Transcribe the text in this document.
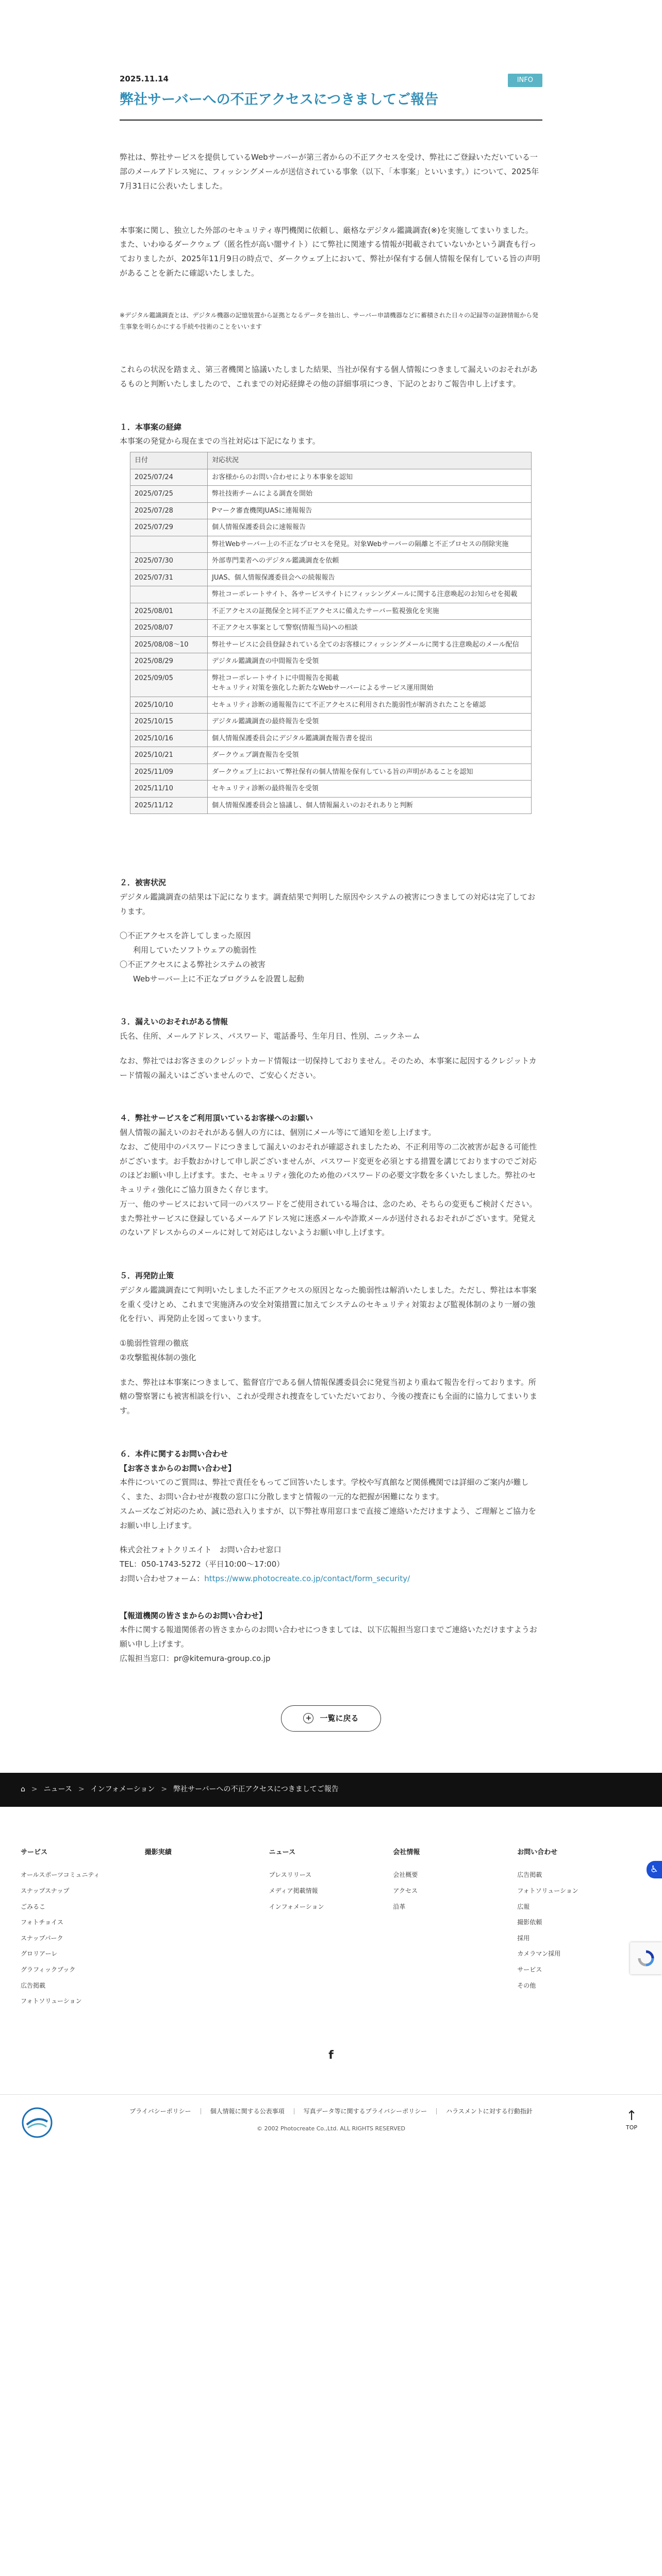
2025.11.14	INFO
弊社サーバーへの不正アクセスにつきましてご報告

弊社は、弊社サービスを提供しているWebサーバーが第三者からの不正アクセスを受け、弊社にご登録いただいている一部のメールアドレス宛に、フィッシングメールが送信されている事象（以下、「本事案」といいます。）について、2025年7月31日に公表いたしました。

本事案に関し、独立した外部のセキュリティ専門機関に依頼し、厳格なデジタル鑑識調査(※)を実施してまいりました。

また、いわゆるダークウェブ（匿名性が高い闇サイト）にて弊社に関連する情報が掲載されていないかという調査も行っておりましたが、2025年11月9日の時点で、ダークウェブ上において、弊社が保有する個人情報を保有している旨の声明があることを新たに確認いたしました。

※デジタル鑑識調査とは、デジタル機器の記憶装置から証拠となるデータを抽出し、サーバー申請機器などに蓄積された日々の記録等の証跡情報から発生事象を明らかにする手続や技術のことをいいます

これらの状況を踏まえ、第三者機関と協議いたしました結果、当社が保有する個人情報につきまして漏えいのおそれがあるものと判断いたしましたので、これまでの対応経緯その他の詳細事項につき、下記のとおりご報告申し上げます。

１．本事案の経緯
本事案の発覚から現在までの当社対応は下記になります。
日付	対応状況
2025/07/24	お客様からのお問い合わせにより本事象を認知
2025/07/25	弊社技術チームによる調査を開始
2025/07/28	Pマーク審査機関JUASに連報報告
2025/07/29	個人情報保護委員会に速報報告
	弊社Webサーバー上の不正なプロセスを発見。対象Webサーバーの隔離と不正プロセスの削除実施
2025/07/30	外部専門業者へのデジタル鑑識調査を依頼
2025/07/31	JUAS、個人情報保護委員会への続報報告
	弊社コーポレートサイト、各サービスサイトにフィッシングメールに関する注意喚起のお知らせを掲載
2025/08/01	不正アクセスの証拠保全と同不正アクセスに備えたサーバー監視強化を実施
2025/08/07	不正アクセス事案として警察(情報当局)への相談
2025/08/08〜10	弊社サービスに会員登録されている全てのお客様にフィッシングメールに関する注意喚起のメール配信
2025/08/29	デジタル鑑識調査の中間報告を受領
2025/09/05	弊社コーポレートサイトに中間報告を掲載
セキュリティ対策を強化した新たなWebサーバーによるサービス運用開始
2025/10/10	セキュリティ診断の通報報告にて不正アクセスに利用された脆弱性が解消されたことを確認
2025/10/15	デジタル鑑識調査の最終報告を受領
2025/10/16	個人情報保護委員会にデジタル鑑識調査報告書を提出
2025/10/21	ダークウェブ調査報告を受領
2025/11/09	ダークウェブ上において弊社保有の個人情報を保有している旨の声明があることを認知
2025/11/10	セキュリティ診断の最終報告を受領
2025/11/12	個人情報保護委員会と協議し、個人情報漏えいのおそれありと判断
２．被害状況
デジタル鑑識調査の結果は下記になります。調査結果で判明した原因やシステムの被害につきましての対応は完了しております。
〇不正アクセスを許してしまった原因
利用していたソフトウェアの脆弱性
〇不正アクセスによる弊社システムの被害
Webサーバー上に不正なプログラムを設置し起動
３．漏えいのおそれがある情報
氏名、住所、メールアドレス、パスワード、電話番号、生年月日、性別、ニックネーム
なお、弊社ではお客さまのクレジットカード情報は一切保持しておりません。そのため、本事案に起因するクレジットカード情報の漏えいはございませんので、ご安心ください。
４．弊社サービスをご利用頂いているお客様へのお願い
個人情報の漏えいのおそれがある個人の方には、個別にメール等にて通知を差し上げます。
なお、ご使用中のパスワードにつきまして漏えいのおそれが確認されましたため、不正利用等の二次被害が起きる可能性がございます。お手数おかけして申し訳ございませんが、パスワード変更を必須とする措置を講じておりますのでご対応のほどお願い申し上げます。また、セキュリティ強化のため他のパスワードの必要文字数を多くいたしました。弊社のセキュリティ強化にご協力頂きたく存じます。
万一、他のサービスにおいて同一のパスワードをご使用されている場合は、念のため、そちらの変更もご検討ください。
また弊社サービスに登録しているメールアドレス宛に迷惑メールや詐欺メールが送付されるおそれがございます。発覚えのないアドレスからのメールに対して対応はしないようお願い申し上げます。
５．再発防止策
デジタル鑑識調査にて判明いたしました不正アクセスの原因となった脆弱性は解消いたしました。ただし、弊社は本事案を重く受けとめ、これまで実施済みの安全対策措置に加えてシステムのセキュリティ対策および監視体制のより一層の強化を行い、再発防止を図ってまいります。
①脆弱性管理の徹底
②攻撃監視体制の強化
また、弊社は本事案につきまして、監督官庁である個人情報保護委員会に発覚当初より重ねて報告を行っております。所轄の警察署にも被害相談を行い、これが受理され捜査をしていただいており、今後の捜査にも全面的に協力してまいります。
６．本件に関するお問い合わせ
【お客さまからのお問い合わせ】
本件についてのご質問は、弊社で責任をもってご回答いたします。学校や写真館など関係機関では詳細のご案内が難しく、また、お問い合わせが複数の窓口に分散しますと情報の一元的な把握が困難になります。
スムーズなご対応のため、誠に恐れ入りますが、以下弊社専用窓口まで直接ご連絡いただけますよう、ご理解とご協力をお願い申し上げます。
株式会社フォトクリエイト　お問い合わせ窓口
TEL：050-1743-5272（平日10:00～17:00）
お問い合わせフォーム：https://www.photocreate.co.jp/contact/form_security/
【報道機関の皆さまからのお問い合わせ】
本件に関する報道関係者の皆さまからのお問い合わせにつきましては、以下広報担当窓口までご連絡いただけますようお願い申し上げます。
広報担当窓口：pr@kitemura-group.co.jp
+ 一覧に戻る
⌂ > ニュース > インフォメーション > 弊社サーバーへの不正アクセスにつきましてご報告
サービス
オールスポーツコミュニティ
スナップスナップ
ごみるこ
フォトチョイス
スナップパーク
グロリアーレ
グラフィックブック
広告掲載
フォトソリューション
撮影実績	ニュース
プレスリリース
メディア掲載情報
インフォメーション
会社情報
会社概要
アクセス
沿革
お問い合わせ
広告掲載
フォトソリューション
広報
撮影依頼
採用
カメラマン採用
サービス
その他
f
プライバシーポリシー	個人情報に関する公表事項	写真データ等に関するプライバシーポリシー	ハラスメントに対する行動指針
© 2002 Photocreate Co.,Ltd. ALL RIGHTS RESERVED
↑
TOP
♿
